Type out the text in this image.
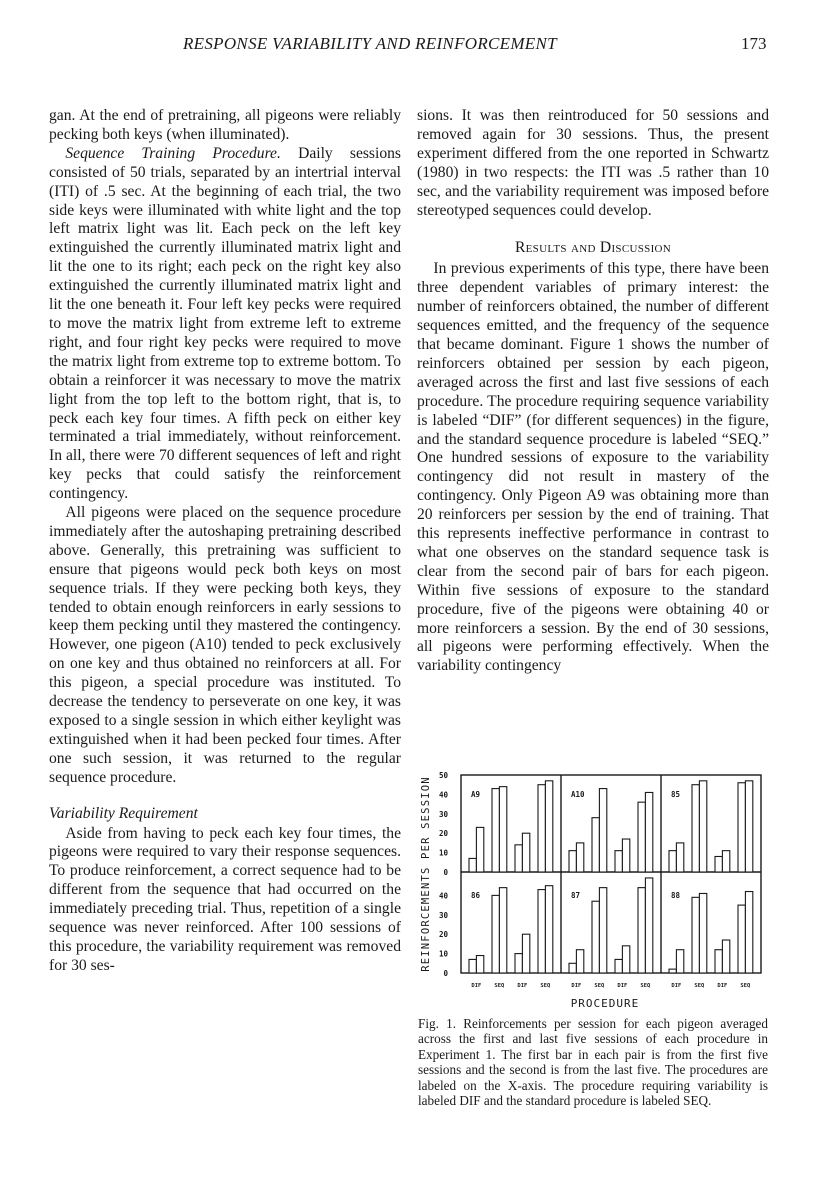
RESPONSE VARIABILITY AND REINFORCEMENT	173

gan. At the end of pretraining, all pigeons were reliably pecking both keys (when illuminated).

Sequence Training Procedure. Daily sessions consisted of 50 trials, separated by an intertrial interval (ITI) of .5 sec. At the beginning of each trial, the two side keys were illuminated with white light and the top left matrix light was lit. Each peck on the left key extinguished the currently illuminated matrix light and lit the one to its right; each peck on the right key also extinguished the currently illuminated matrix light and lit the one beneath it. Four left key pecks were required to move the matrix light from extreme left to extreme right, and four right key pecks were required to move the matrix light from extreme top to extreme bottom. To obtain a reinforcer it was necessary to move the matrix light from the top left to the bottom right, that is, to peck each key four times. A fifth peck on either key terminated a trial immediately, without reinforcement. In all, there were 70 different sequences of left and right key pecks that could satisfy the reinforcement contingency.

All pigeons were placed on the sequence procedure immediately after the autoshaping pretraining described above. Generally, this pretraining was sufficient to ensure that pigeons would peck both keys on most sequence trials. If they were pecking both keys, they tended to obtain enough reinforcers in early sessions to keep them pecking until they mastered the contingency. However, one pigeon (A10) tended to peck exclusively on one key and thus obtained no reinforcers at all. For this pigeon, a special procedure was instituted. To decrease the tendency to perseverate on one key, it was exposed to a single session in which either keylight was extinguished when it had been pecked four times. After one such session, it was returned to the regular sequence procedure.

Variability Requirement

Aside from having to peck each key four times, the pigeons were required to vary their response sequences. To produce reinforcement, a correct sequence had to be different from the sequence that had occurred on the immediately preceding trial. Thus, repetition of a single sequence was never reinforced. After 100 sessions of this procedure, the variability requirement was removed for 30 ses-

sions. It was then reintroduced for 50 sessions and removed again for 30 sessions. Thus, the present experiment differed from the one reported in Schwartz (1980) in two respects: the ITI was .5 rather than 10 sec, and the variability requirement was imposed before stereotyped sequences could develop.

Results and Discussion

In previous experiments of this type, there have been three dependent variables of primary interest: the number of reinforcers obtained, the number of different sequences emitted, and the frequency of the sequence that became dominant. Figure 1 shows the number of reinforcers obtained per session by each pigeon, averaged across the first and last five sessions of each procedure. The procedure requiring sequence variability is labeled “DIF” (for different sequences) in the figure, and the standard sequence procedure is labeled “SEQ.” One hundred sessions of exposure to the variability contingency did not result in mastery of the contingency. Only Pigeon A9 was obtaining more than 20 reinforcers per session by the end of training. That this represents ineffective performance in contrast to what one observes on the standard sequence task is clear from the second pair of bars for each pigeon. Within five sessions of exposure to the standard procedure, five of the pigeons were obtaining 40 or more reinforcers a session. By the end of 30 sessions, all pigeons were performing effectively. When the variability contingency

50
40
30
20
10
0
40
30
20
10
0
REINFORCEMENTS PER SESSION	A9	A10	85
86
DIF SEQ DIF SEQ
87
DIF SEQ DIF SEQ
88
DIF SEQ DIF SEQ
PROCEDURE
Fig. 1. Reinforcements per session for each pigeon averaged across the first and last five sessions of each procedure in Experiment 1. The first bar in each pair is from the first five sessions and the second is from the last five. The procedures are labeled on the X-axis. The procedure requiring variability is labeled DIF and the standard procedure is labeled SEQ.
